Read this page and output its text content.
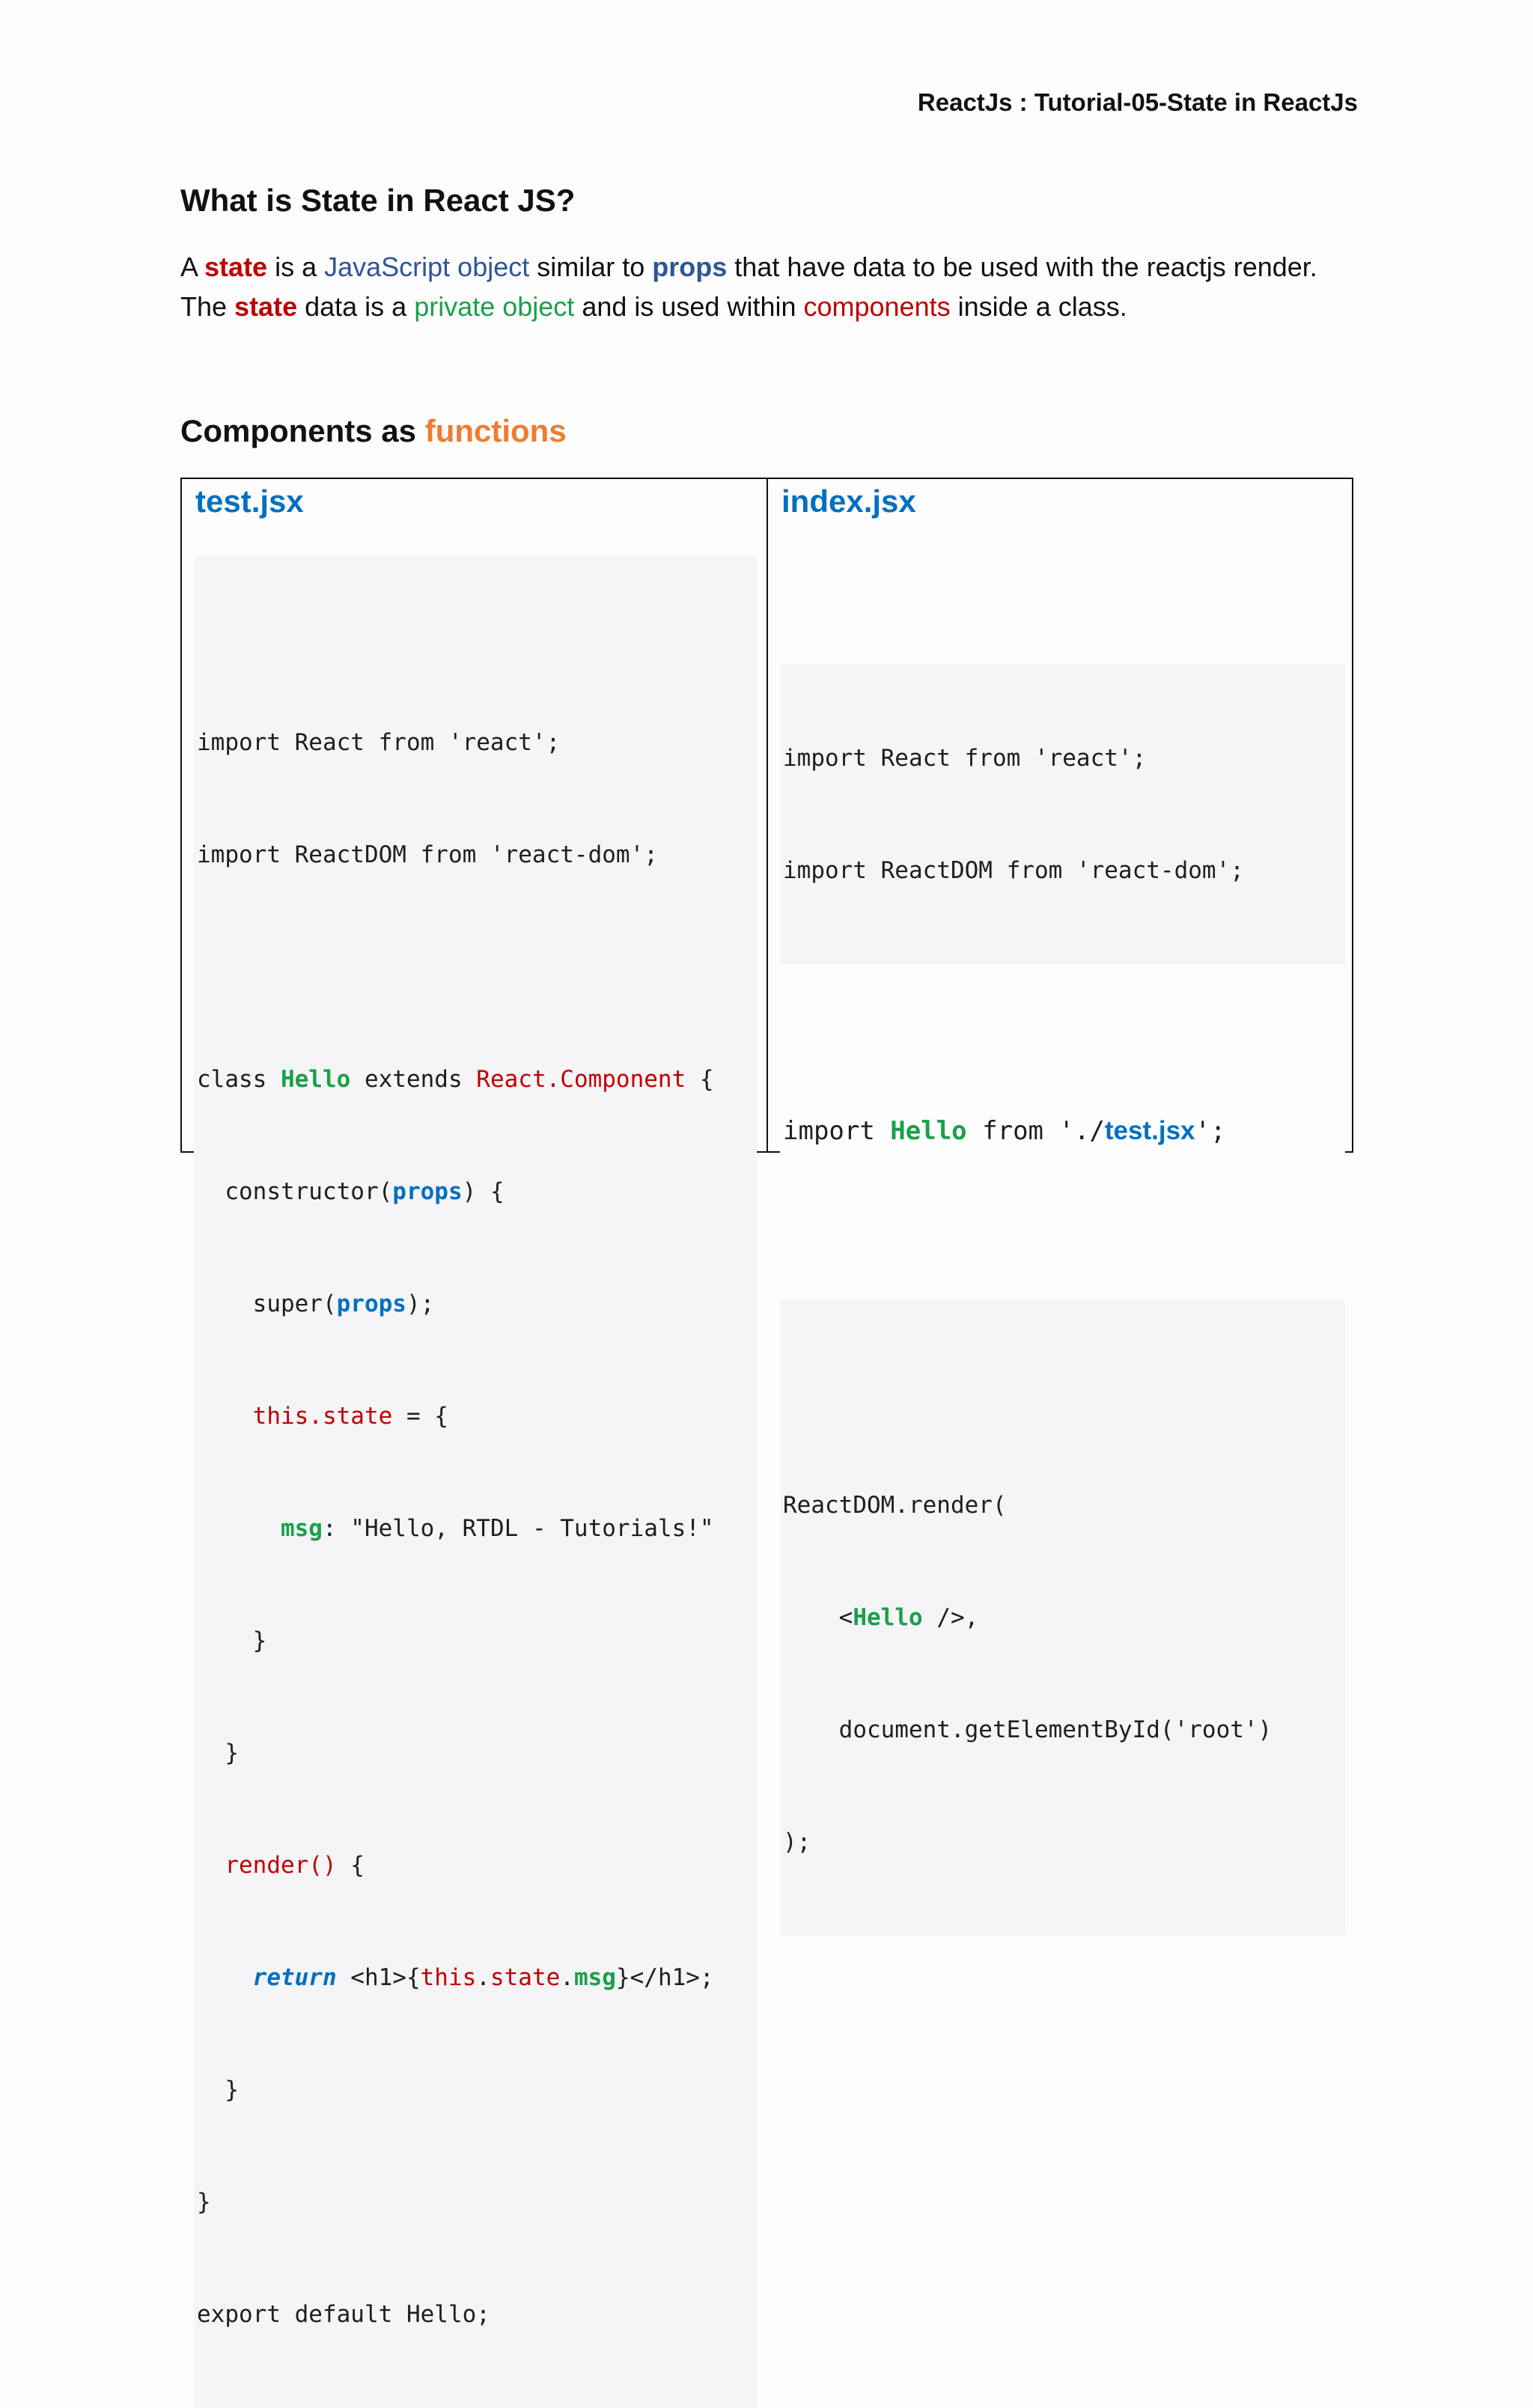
ReactJs : Tutorial-05-State in ReactJs
What is State in React JS?

A state is a JavaScript object similar to props that have data to be used with the reactjs render.

The state data is a private object and is used within components inside a class.

Components as functions
test.jsx

import React from 'react';

import ReactDOM from 'react-dom';

class Hello extends React.Component {

constructor(props) {

super(props);

this.state = {

msg: "Hello, RTDL - Tutorials!"

}

}

render() {

return <h1>{this.state.msg}</h1>;

}

}

export default Hello;

index.jsx

import React from 'react';

import ReactDOM from 'react-dom';

import Hello from './test.jsx';

ReactDOM.render(

<Hello />,

document.getElementById('root')

);
